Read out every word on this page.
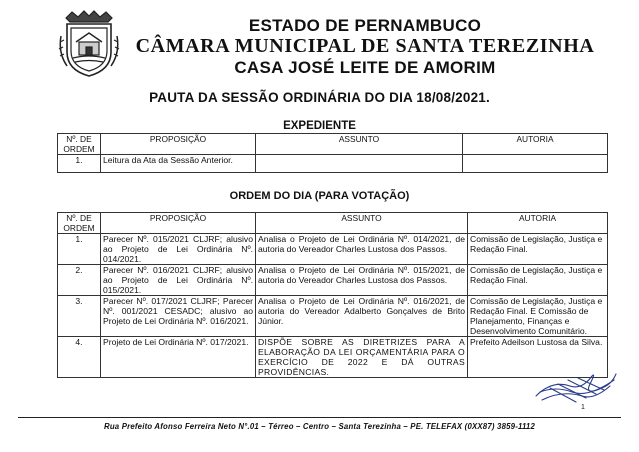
ESTADO DE PERNAMBUCO
CÂMARA MUNICIPAL DE SANTA TEREZINHA
CASA JOSÉ LEITE DE AMORIM
PAUTA DA SESSÃO ORDINÁRIA DO DIA 18/08/2021.
EXPEDIENTE
Nº. DE ORDEM	PROPOSIÇÃO	ASSUNTO	AUTORIA
1.	Leitura da Ata da Sessão Anterior.		
ORDEM DO DIA (PARA VOTAÇÃO)
Nº. DE ORDEM	PROPOSIÇÃO	ASSUNTO	AUTORIA
1.	Parecer Nº. 015/2021 CLJRF; alusivo ao Projeto de Lei Ordinária Nº. 014/2021.	Analisa o Projeto de Lei Ordinária Nº. 014/2021, de autoria do Vereador Charles Lustosa dos Passos.	Comissão de Legislação, Justiça e Redação Final.
2.	Parecer Nº. 016/2021 CLJRF; alusivo ao Projeto de Lei Ordinária Nº. 015/2021.	Analisa o Projeto de Lei Ordinária Nº. 015/2021, de autoria do Vereador Charles Lustosa dos Passos.	Comissão de Legislação, Justiça e Redação Final.
3.	Parecer Nº. 017/2021 CLJRF; Parecer Nº. 001/2021 CESADC; alusivo ao Projeto de Lei Ordinária Nº. 016/2021.	Analisa o Projeto de Lei Ordinária Nº. 016/2021, de autoria do Vereador Adalberto Gonçalves de Brito Júnior.	Comissão de Legislação, Justiça e Redação Final. E Comissão de Planejamento, Finanças e Desenvolvimento Comunitário.
4.	Projeto de Lei Ordinária Nº. 017/2021.	DISPÕE SOBRE AS DIRETRIZES PARA A ELABORAÇÃO DA LEI ORÇAMENTÁRIA PARA O EXERCÍCIO DE 2022 E DÁ OUTRAS PROVIDÊNCIAS.	Prefeito Adeilson Lustosa da Silva.
1
Rua Prefeito Afonso Ferreira Neto N°.01 – Térreo – Centro – Santa Terezinha – PE. TELEFAX (0XX87) 3859-1112
